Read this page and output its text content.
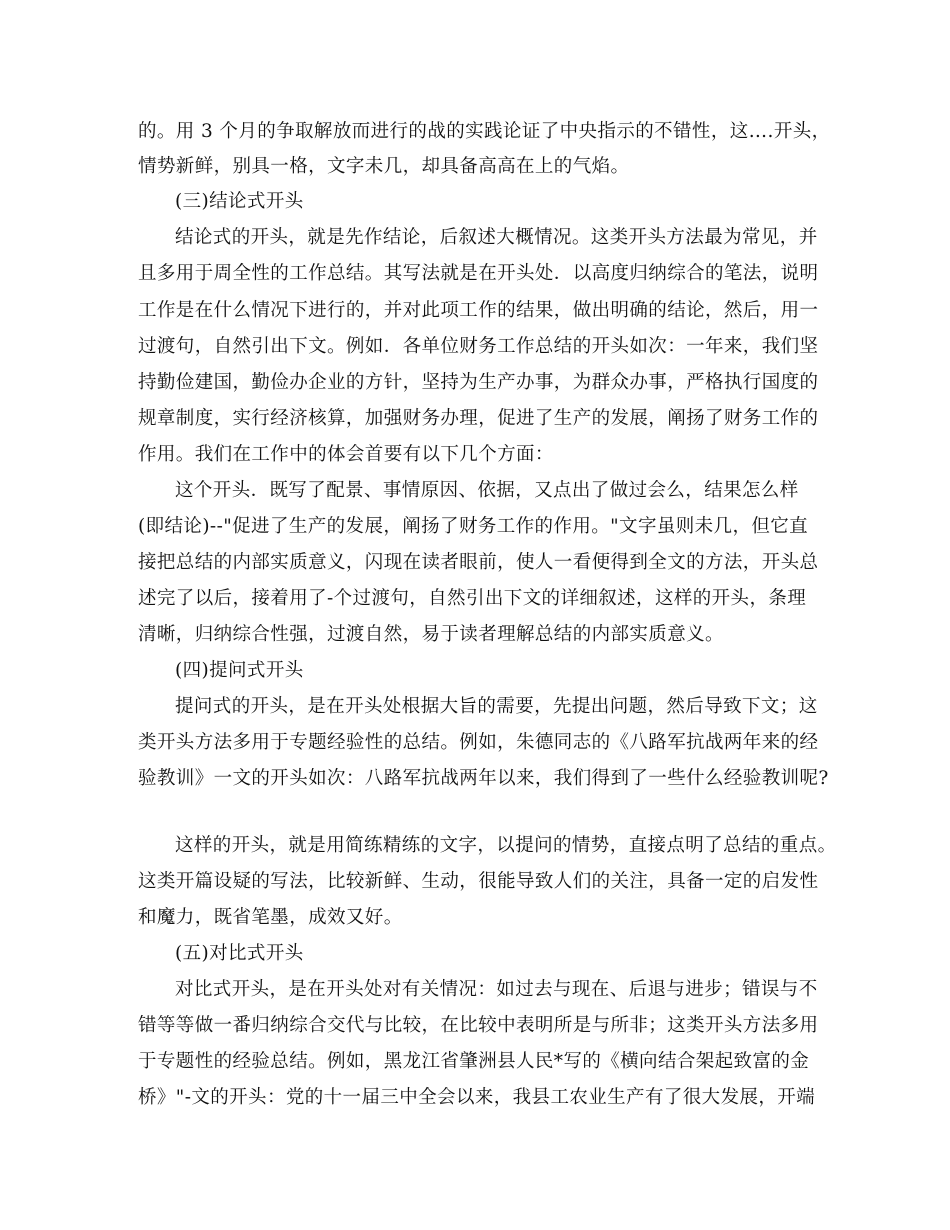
的。用 3 个月的争取解放而进行的战的实践论证了中央指示的不错性，这….开头，
情势新鲜，别具一格，文字未几，却具备高高在上的气焰。
(三)结论式开头
结论式的开头，就是先作结论，后叙述大概情况。这类开头方法最为常见，并
且多用于周全性的工作总结。其写法就是在开头处．以高度归纳综合的笔法，说明
工作是在什么情况下进行的，并对此项工作的结果，做出明确的结论，然后，用一
过渡句，自然引出下文。例如．各单位财务工作总结的开头如次：一年来，我们坚
持勤俭建国，勤俭办企业的方针，坚持为生产办事，为群众办事，严格执行国度的
规章制度，实行经济核算，加强财务办理，促进了生产的发展，阐扬了财务工作的
作用。我们在工作中的体会首要有以下几个方面：
这个开头．既写了配景、事情原因、依据，又点出了做过会么，结果怎么样
(即结论)--"促进了生产的发展，阐扬了财务工作的作用。"文字虽则未几，但它直
接把总结的内部实质意义，闪现在读者眼前，使人一看便得到全文的方法，开头总
述完了以后，接着用了-个过渡句，自然引出下文的详细叙述，这样的开头，条理
清晰，归纳综合性强，过渡自然，易于读者理解总结的内部实质意义。
(四)提问式开头
提问式的开头，是在开头处根据大旨的需要，先提出问题，然后导致下文；这
类开头方法多用于专题经验性的总结。例如，朱德同志的《八路军抗战两年来的经
验教训》一文的开头如次：八路军抗战两年以来，我们得到了一些什么经验教训呢?
这样的开头，就是用简练精练的文字，以提问的情势，直接点明了总结的重点。
这类开篇设疑的写法，比较新鲜、生动，很能导致人们的关注，具备一定的启发性
和魔力，既省笔墨，成效又好。
(五)对比式开头
对比式开头，是在开头处对有关情况：如过去与现在、后退与进步；错误与不
错等等做一番归纳综合交代与比较，在比较中表明所是与所非；这类开头方法多用
于专题性的经验总结。例如，黑龙江省肇洲县人民*写的《横向结合架起致富的金
桥》"-文的开头：党的十一届三中全会以来，我县工农业生产有了很大发展，开端
